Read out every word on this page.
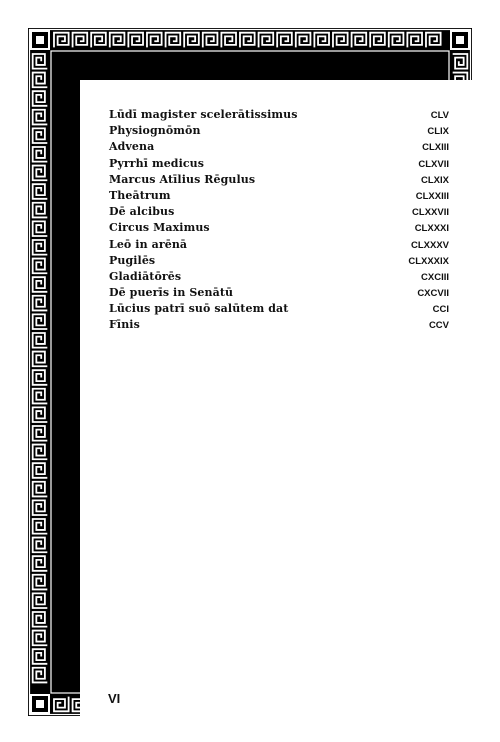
Lūdī magister scelerātissimus	CLV
Physiognōmōn	CLIX
Advena	CLXIII
Pyrrhī medicus	CLXVII
Marcus Atīlius Rēgulus	CLXIX
Theātrum	CLXXIII
Dē alcibus	CLXXVII
Circus Maximus	CLXXXI
Leō in arēnā	CLXXXV
Pugilēs	CLXXXIX
Gladiātōrēs	CXCIII
Dē puerīs in Senātū	CXCVII
Lūcius patrī suō salūtem dat	CCI
Fīnis	CCV
VI
